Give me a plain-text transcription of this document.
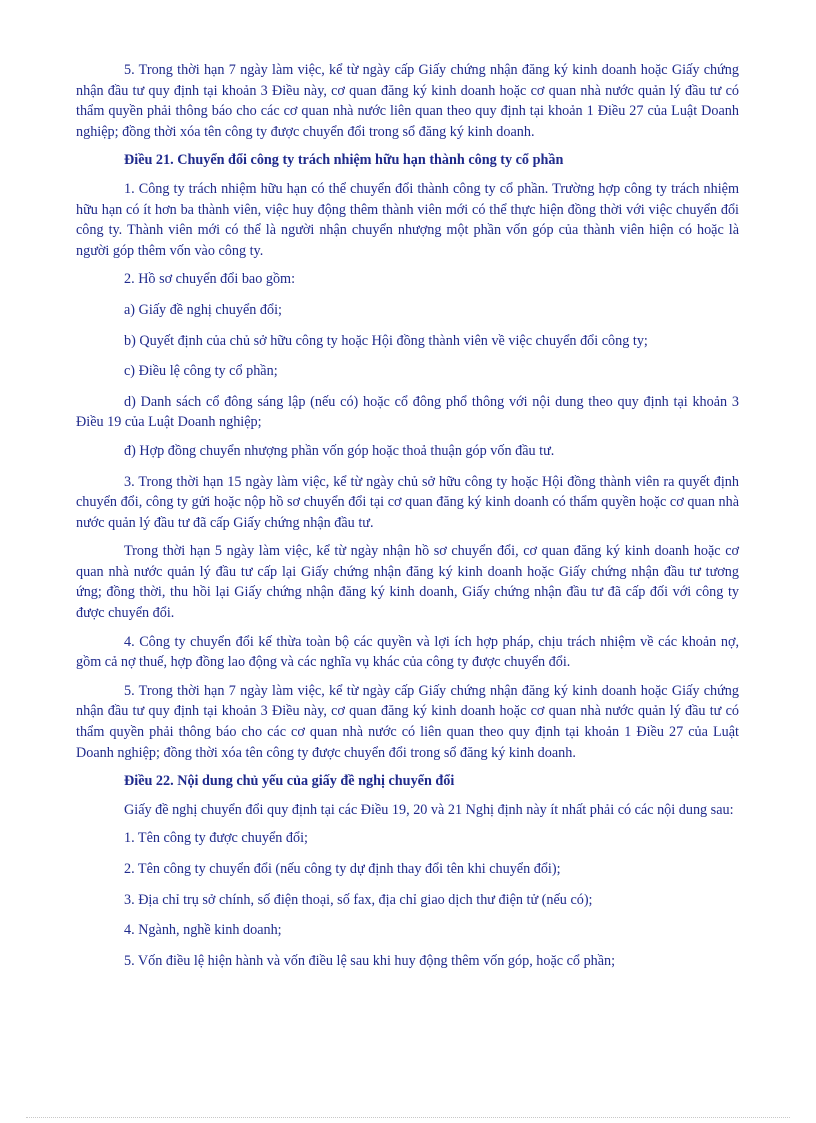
5. Trong thời hạn 7 ngày làm việc, kể từ ngày cấp Giấy chứng nhận đăng ký kinh doanh hoặc Giấy chứng nhận đầu tư quy định tại khoản 3 Điều này, cơ quan đăng ký kinh doanh hoặc cơ quan nhà nước quản lý đầu tư có thẩm quyền phải thông báo cho các cơ quan nhà nước liên quan theo quy định tại khoản 1 Điều 27 của Luật Doanh nghiệp; đồng thời xóa tên công ty được chuyển đổi trong sổ đăng ký kinh doanh.

Điều 21. Chuyển đổi công ty trách nhiệm hữu hạn thành công ty cổ phần

1. Công ty trách nhiệm hữu hạn có thể chuyển đổi thành công ty cổ phần. Trường hợp công ty trách nhiệm hữu hạn có ít hơn ba thành viên, việc huy động thêm thành viên mới có thể thực hiện đồng thời với việc chuyển đổi công ty. Thành viên mới có thể là người nhận chuyển nhượng một phần vốn góp của thành viên hiện có hoặc là người góp thêm vốn vào công ty.

2. Hồ sơ chuyển đổi bao gồm:
a) Giấy đề nghị chuyển đổi;
b) Quyết định của chủ sở hữu công ty hoặc Hội đồng thành viên về việc chuyển đổi công ty;
c) Điều lệ công ty cổ phần;

d) Danh sách cổ đông sáng lập (nếu có) hoặc cổ đông phổ thông với nội dung theo quy định tại khoản 3 Điều 19 của Luật Doanh nghiệp;

đ) Hợp đồng chuyển nhượng phần vốn góp hoặc thoả thuận góp vốn đầu tư.

3. Trong thời hạn 15 ngày làm việc, kể từ ngày chủ sở hữu công ty hoặc Hội đồng thành viên ra quyết định chuyển đổi, công ty gửi hoặc nộp hồ sơ chuyển đổi tại cơ quan đăng ký kinh doanh có thẩm quyền hoặc cơ quan nhà nước quản lý đầu tư đã cấp Giấy chứng nhận đầu tư.

Trong thời hạn 5 ngày làm việc, kể từ ngày nhận hồ sơ chuyển đổi, cơ quan đăng ký kinh doanh hoặc cơ quan nhà nước quản lý đầu tư cấp lại Giấy chứng nhận đăng ký kinh doanh hoặc Giấy chứng nhận đầu tư tương ứng; đồng thời, thu hồi lại Giấy chứng nhận đăng ký kinh doanh, Giấy chứng nhận đầu tư đã cấp đối với công ty được chuyển đổi.

4. Công ty chuyển đổi kế thừa toàn bộ các quyền và lợi ích hợp pháp, chịu trách nhiệm về các khoản nợ, gồm cả nợ thuế, hợp đồng lao động và các nghĩa vụ khác của công ty được chuyển đổi.

5. Trong thời hạn 7 ngày làm việc, kể từ ngày cấp Giấy chứng nhận đăng ký kinh doanh hoặc Giấy chứng nhận đầu tư quy định tại khoản 3 Điều này, cơ quan đăng ký kinh doanh hoặc cơ quan nhà nước quản lý đầu tư có thẩm quyền phải thông báo cho các cơ quan nhà nước có liên quan theo quy định tại khoản 1 Điều 27 của Luật Doanh nghiệp; đồng thời xóa tên công ty được chuyển đổi trong sổ đăng ký kinh doanh.

Điều 22. Nội dung chủ yếu của giấy đề nghị chuyển đổi

Giấy đề nghị chuyển đổi quy định tại các Điều 19, 20 và 21 Nghị định này ít nhất phải có các nội dung sau:

1. Tên công ty được chuyển đổi;
2. Tên công ty chuyển đổi (nếu công ty dự định thay đổi tên khi chuyển đổi);
3. Địa chỉ trụ sở chính, số điện thoại, số fax, địa chỉ giao dịch thư điện tử (nếu có);
4. Ngành, nghề kinh doanh;
5. Vốn điều lệ hiện hành và vốn điều lệ sau khi huy động thêm vốn góp, hoặc cổ phần;
